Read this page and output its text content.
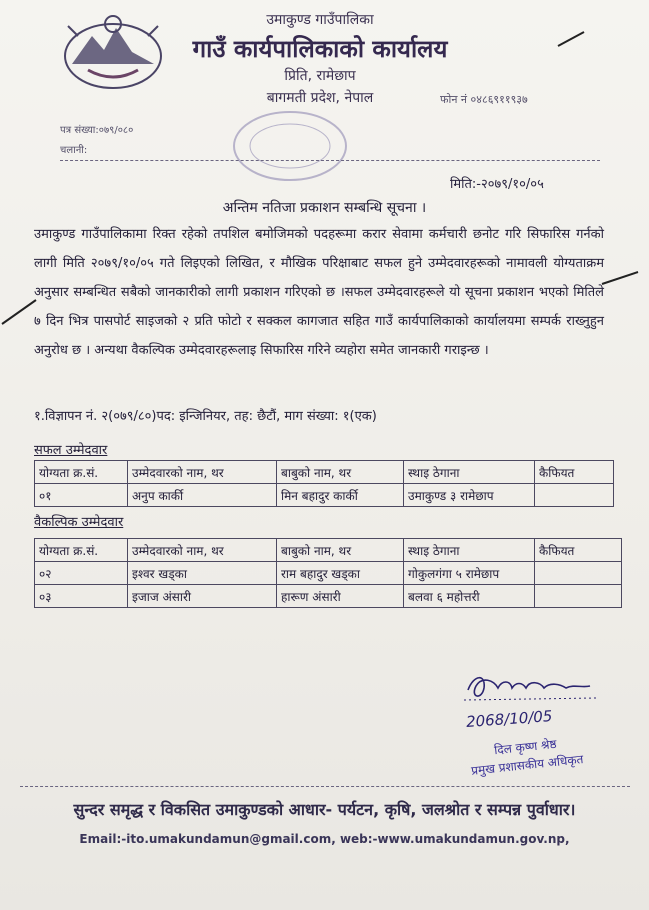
उमाकुण्ड गाउँपालिका
गाउँ कार्यपालिकाको कार्यालय
प्रिति, रामेछाप
बागमती प्रदेश, नेपाल	फोन नं ०४८६९११९३७
पत्र संख्या:०७९/०८०
चलानी:
मिति:-२०७९/१०/०५
अन्तिम नतिजा प्रकाशन सम्बन्धि सूचना ।
उमाकुण्ड गाउँपालिकामा रिक्त रहेको तपशिल बमोजिमको पदहरूमा करार सेवामा कर्मचारी छनोट गरि सिफारिस गर्नको लागी मिति २०७९/१०/०५ गते लिइएको लिखित, र मौखिक परिक्षाबाट सफल हुने उम्मेदवारहरूको नामावली योग्यताक्रम अनुसार सम्बन्धित सबैको जानकारीको लागी प्रकाशन गरिएको छ ।सफल उम्मेदवारहरूले यो सूचना प्रकाशन भएको मितिले ७ दिन भित्र पासपोर्ट साइजको २ प्रति फोटो र सक्कल कागजात सहित गाउँ कार्यपालिकाको कार्यालयमा सम्पर्क राख्नुहुन अनुरोध छ । अन्यथा वैकल्पिक उम्मेदवारहरूलाइ सिफारिस गरिने व्यहोरा समेत जानकारी गराइन्छ ।
१.विज्ञापन नं. २(०७९/८०)पद: इन्जिनियर, तह: छैटौं, माग संख्या: १(एक)
सफल उम्मेदवार
योग्यता क्र.सं.	उम्मेदवारको नाम, थर	बाबुको नाम, थर	स्थाइ ठेगाना	कैफियत
०१	अनुप कार्की	मिन बहादुर कार्की	उमाकुण्ड ३ रामेछाप	
वैकल्पिक उम्मेदवार
योग्यता क्र.सं.	उम्मेदवारको नाम, थर	बाबुको नाम, थर	स्थाइ ठेगाना	कैफियत
०२	इश्वर खड्का	राम बहादुर खड्का	गोकुलगंगा ५ रामेछाप	
०३	इजाज अंसारी	हारूण अंसारी	बलवा ६ महोत्तरी	
2068/10/05
दिल कृष्ण श्रेष्ठ
प्रमुख प्रशासकीय अधिकृत
सुन्दर समृद्ध र विकसित उमाकुण्डको आधार- पर्यटन, कृषि, जलश्रोत र सम्पन्न पुर्वाधार।
Email:-ito.umakundamun@gmail.com, web:-www.umakundamun.gov.np,
